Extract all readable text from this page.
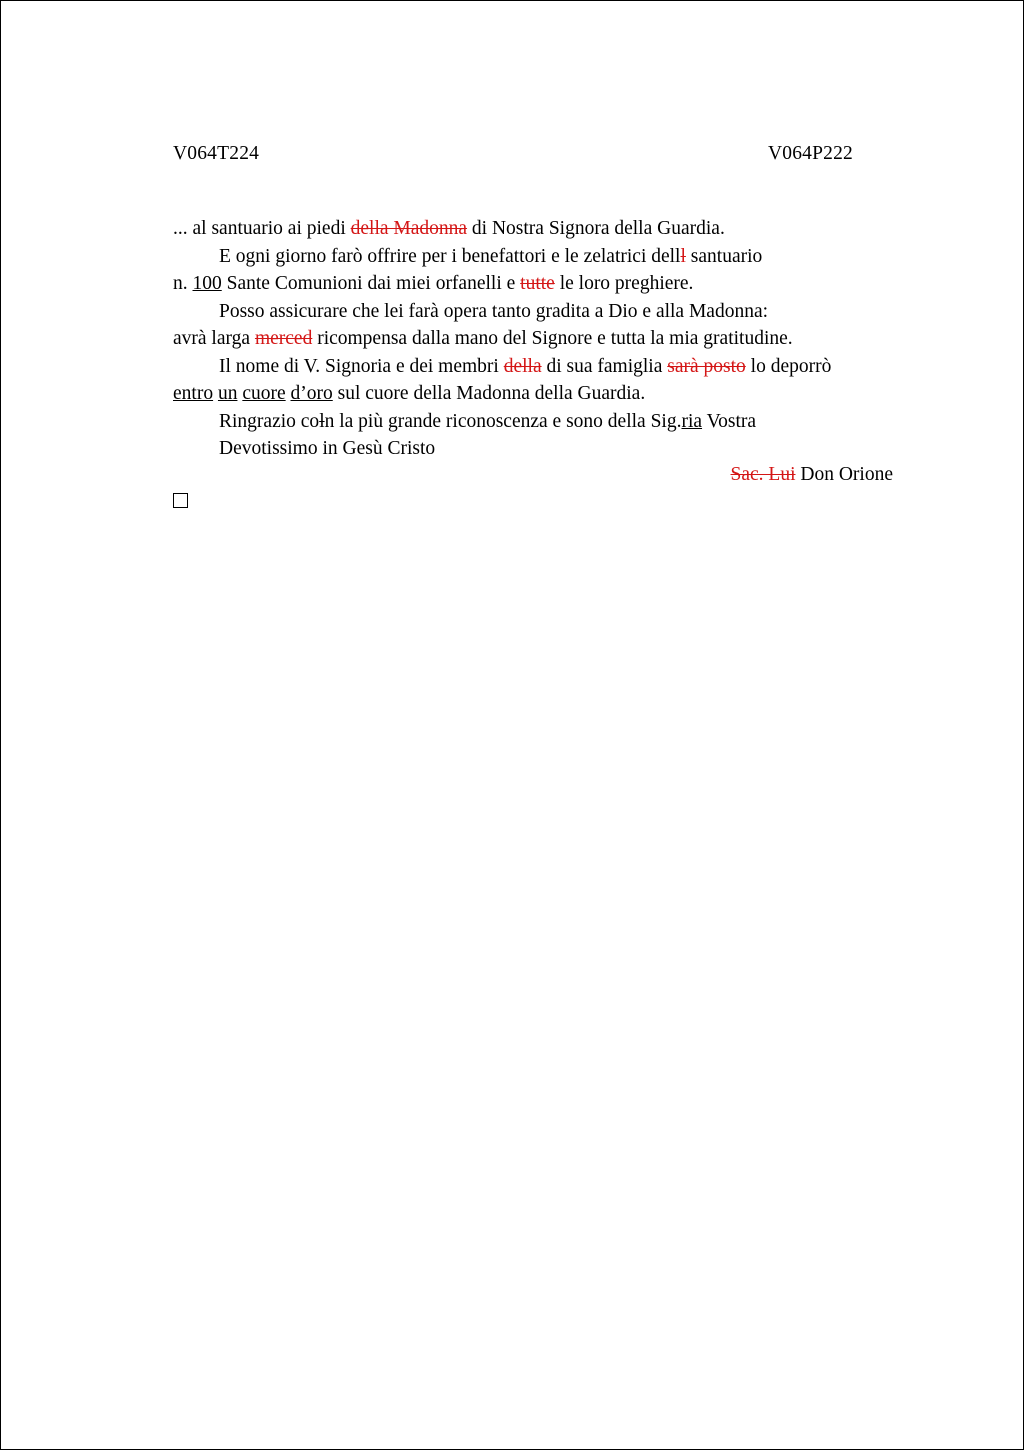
V064T224	V064P222

... al santuario ai piedi della Madonna di Nostra Signora della Guardia.

E ogni giorno farò offrire per i benefattori e le zelatrici delll santuario

n. 100 Sante Comunioni dai miei orfanelli e tutte le loro preghiere.

Posso assicurare che lei farà opera tanto gradita a Dio e alla Madonna:

avrà larga merced ricompensa dalla mano del Signore e tutta la mia gratitudine.

Il nome di V. Signoria e dei membri della di sua famiglia sarà posto lo deporrò

entro un cuore d’oro sul cuore della Madonna della Guardia.

Ringrazio coln la più grande riconoscenza e sono della Sig.ria Vostra

Devotissimo in Gesù Cristo

Sac. Lui Don Orione
